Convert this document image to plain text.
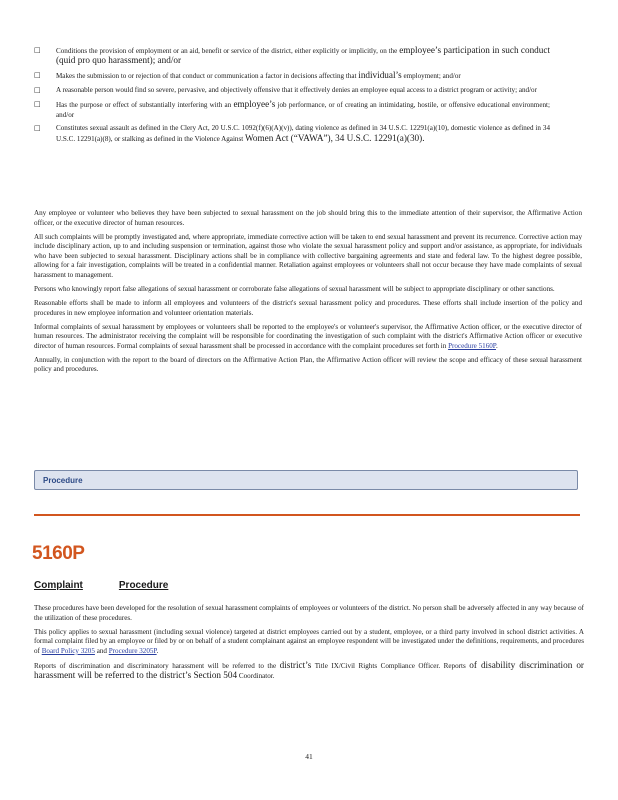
□	Conditions the provision of employment or an aid, benefit or service of the district, either explicitly or implicitly, on the employee’s participation in such conduct (quid pro quo harassment); and/or
□	Makes the submission to or rejection of that conduct or communication a factor in decisions affecting that individual’s employment; and/or
□	A reasonable person would find so severe, pervasive, and objectively offensive that it effectively denies an employee equal access to a district program or activity; and/or
□	Has the purpose or effect of substantially interfering with an employee’s job performance, or of creating an intimidating, hostile, or offensive educational environment; and/or
□	Constitutes sexual assault as defined in the Clery Act, 20 U.S.C. 1092(f)(6)(A)(v)), dating violence as defined in 34 U.S.C. 12291(a)(10), domestic violence as defined in 34 U.S.C. 12291(a)(8), or stalking as defined in the Violence Against Women Act (“VAWA”), 34 U.S.C. 12291(a)(30).

Any employee or volunteer who believes they have been subjected to sexual harassment on the job should bring this to the immediate attention of their supervisor, the Affirmative Action officer, or the executive director of human resources.

All such complaints will be promptly investigated and, where appropriate, immediate corrective action will be taken to end sexual harassment and prevent its recurrence. Corrective action may include disciplinary action, up to and including suspension or termination, against those who violate the sexual harassment policy and support and/or assistance, as appropriate, for individuals who have been subjected to sexual harassment. Disciplinary actions shall be in compliance with collective bargaining agreements and state and federal law. To the highest degree possible, allowing for a fair investigation, complaints will be treated in a confidential manner. Retaliation against employees or volunteers shall not occur because they have made complaints of sexual harassment to management.

Persons who knowingly report false allegations of sexual harassment or corroborate false allegations of sexual harassment will be subject to appropriate disciplinary or other sanctions.

Reasonable efforts shall be made to inform all employees and volunteers of the district's sexual harassment policy and procedures. These efforts shall include insertion of the policy and procedures in new employee information and volunteer orientation materials.

Informal complaints of sexual harassment by employees or volunteers shall be reported to the employee's or volunteer's supervisor, the Affirmative Action officer, or the executive director of human resources. The administrator receiving the complaint will be responsible for coordinating the investigation of such complaint with the district's Affirmative Action officer or executive director of human resources. Formal complaints of sexual harassment shall be processed in accordance with the complaint procedures set forth in Procedure 5160P.

Annually, in conjunction with the report to the board of directors on the Affirmative Action Plan, the Affirmative Action officer will review the scope and efficacy of these sexual harassment policy and procedures.

Procedure
5160P
Complaint	Procedure

These procedures have been developed for the resolution of sexual harassment complaints of employees or volunteers of the district. No person shall be adversely affected in any way because of the utilization of these procedures.

This policy applies to sexual harassment (including sexual violence) targeted at district employees carried out by a student, employee, or a third party involved in school district activities. A formal complaint filed by an employee or filed by or on behalf of a student complainant against an employee respondent will be investigated under the definitions, requirements, and procedures of Board Policy 3205 and Procedure 3205P.

Reports of discrimination and discriminatory harassment will be referred to the district’s Title IX/Civil Rights Compliance Officer. Reports of disability discrimination or harassment will be referred to the district’s Section 504 Coordinator.

41
